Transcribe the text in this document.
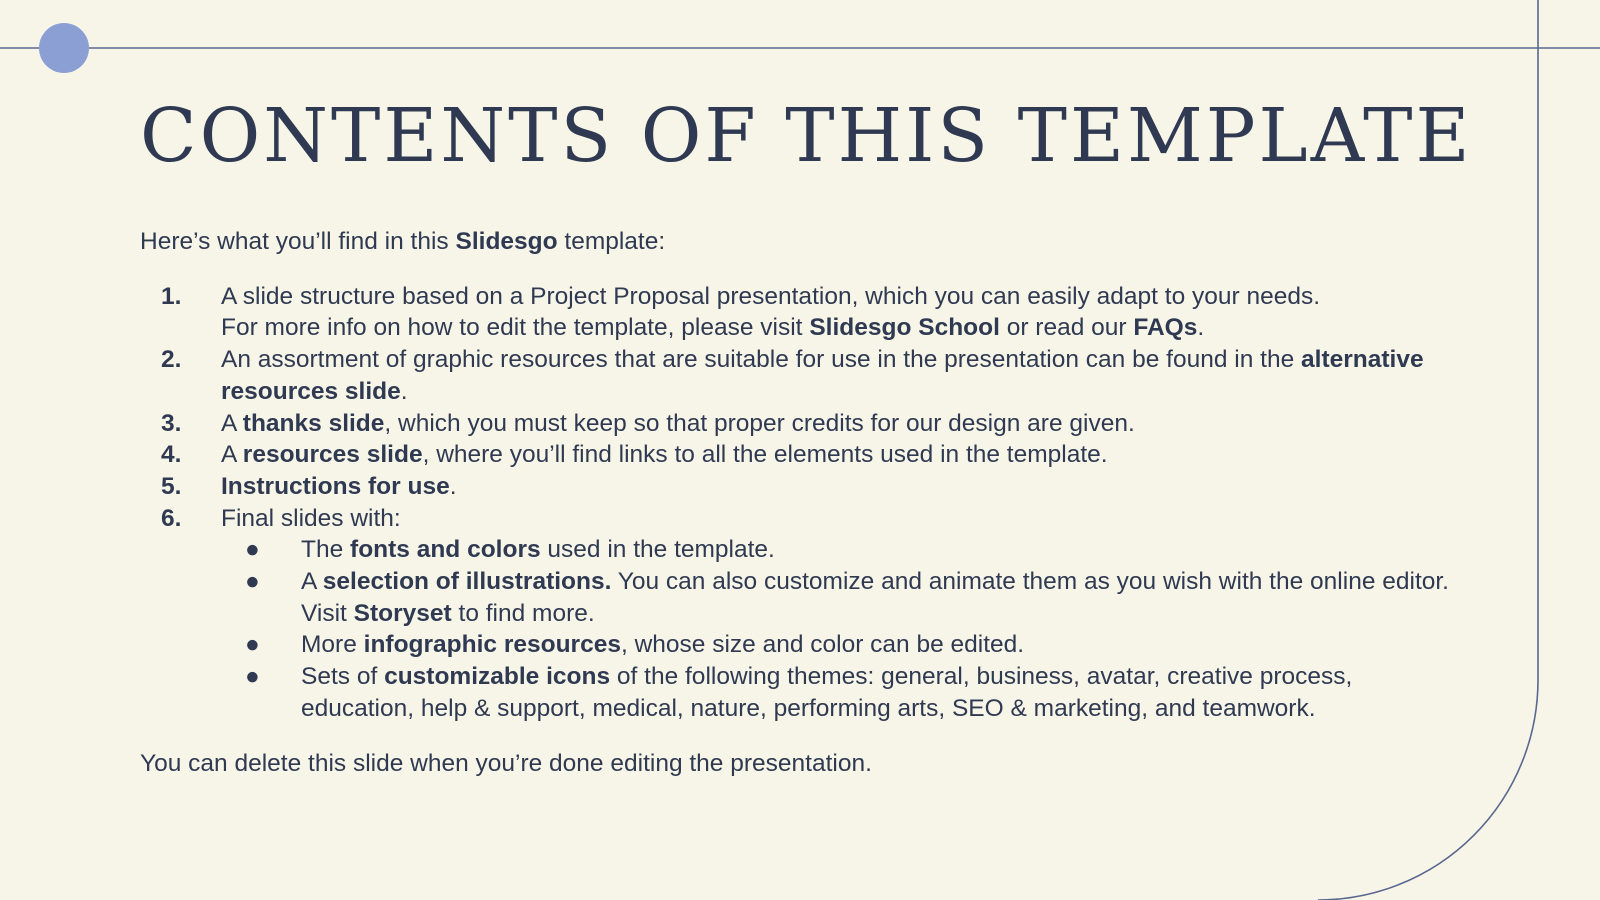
CONTENTS OF THIS TEMPLATE

Here’s what you’ll find in this Slidesgo template:

1. A slide structure based on a Project Proposal presentation, which you can easily adapt to your needs.
For more info on how to edit the template, please visit Slidesgo School or read our FAQs.
2. An assortment of graphic resources that are suitable for use in the presentation can be found in the alternative resources slide.
3. A thanks slide, which you must keep so that proper credits for our design are given.
4. A resources slide, where you’ll find links to all the elements used in the template.
5. Instructions for use.
6. Final slides with:
● The fonts and colors used in the template.
● A selection of illustrations. You can also customize and animate them as you wish with the online editor. Visit Storyset to find more.
● More infographic resources, whose size and color can be edited.
● Sets of customizable icons of the following themes: general, business, avatar, creative process, education, help & support, medical, nature, performing arts, SEO & marketing, and teamwork.

You can delete this slide when you’re done editing the presentation.
